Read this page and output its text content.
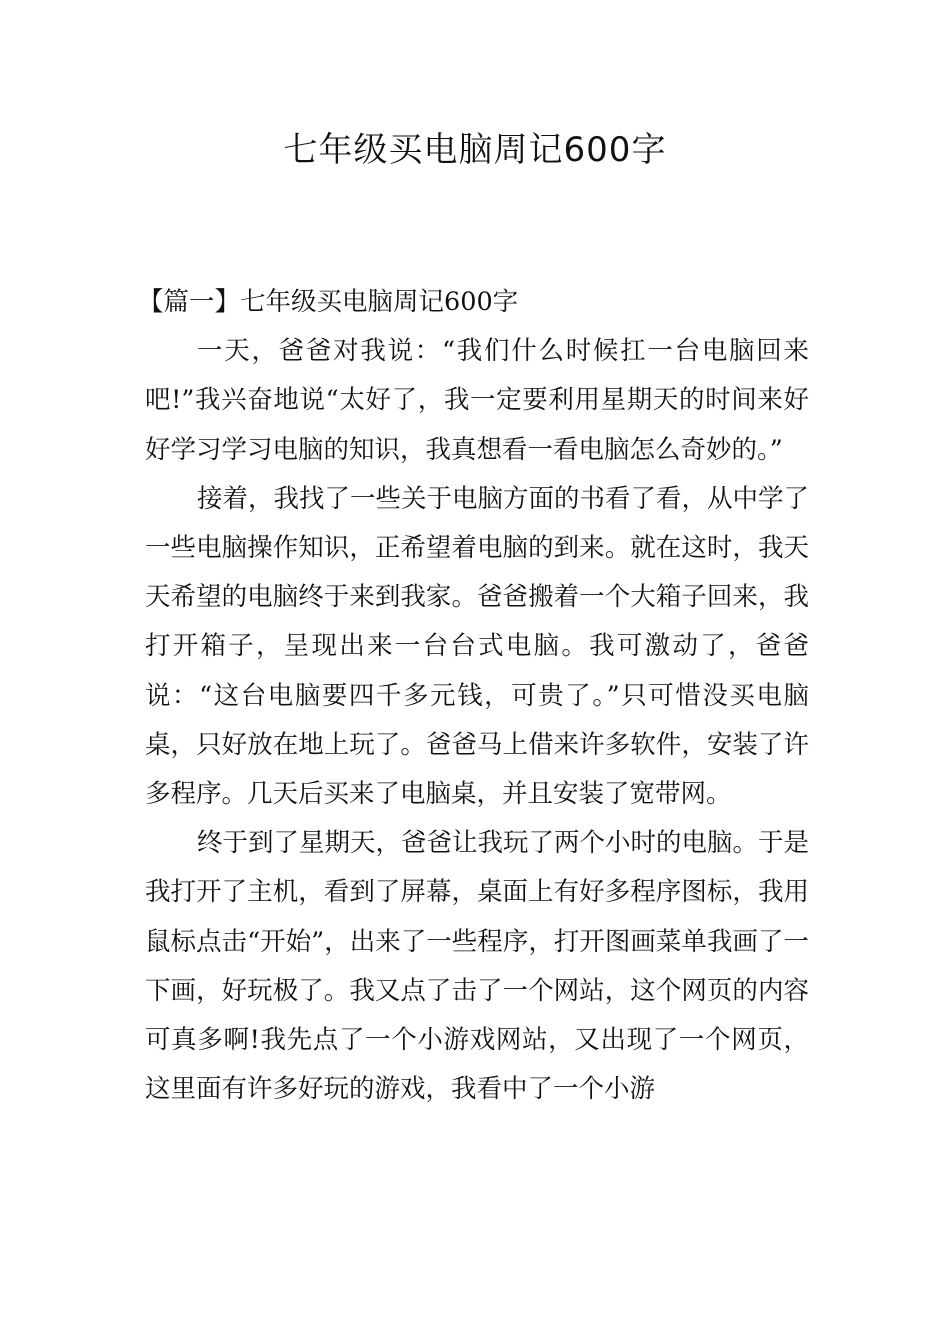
七年级买电脑周记600字

【篇一】七年级买电脑周记600字

一天，爸爸对我说：“我们什么时候扛一台电脑回来吧!”我兴奋地说“太好了，我一定要利用星期天的时间来好好学习学习电脑的知识，我真想看一看电脑怎么奇妙的。”

接着，我找了一些关于电脑方面的书看了看，从中学了一些电脑操作知识，正希望着电脑的到来。就在这时，我天天希望的电脑终于来到我家。爸爸搬着一个大箱子回来，我打开箱子，呈现出来一台台式电脑。我可激动了，爸爸说：“这台电脑要四千多元钱，可贵了。”只可惜没买电脑桌，只好放在地上玩了。爸爸马上借来许多软件，安装了许多程序。几天后买来了电脑桌，并且安装了宽带网。

终于到了星期天，爸爸让我玩了两个小时的电脑。于是我打开了主机，看到了屏幕，桌面上有好多程序图标，我用鼠标点击“开始”，出来了一些程序，打开图画菜单我画了一下画，好玩极了。我又点了击了一个网站，这个网页的内容可真多啊!我先点了一个小游戏网站，又出现了一个网页，这里面有许多好玩的游戏，我看中了一个小游
